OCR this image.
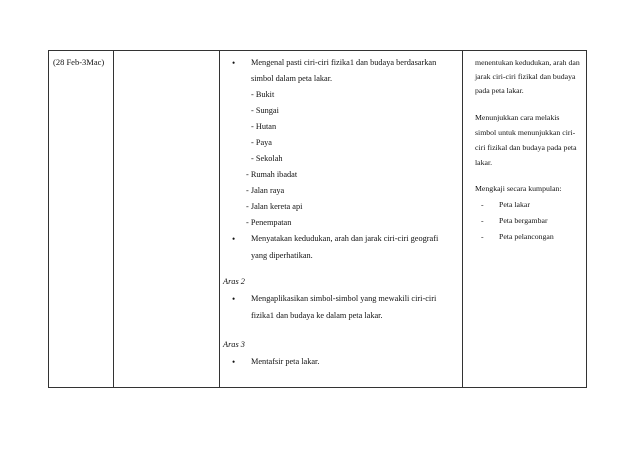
(28 Feb-3Mac)	• Mengenal pasti ciri-ciri fizika1 dan budaya berdasarkan
simbol dalam peta lakar.
- Bukit
- Sungai
- Hutan
- Paya
- Sekolah
- Rumah ibadat
- Jalan raya
- Jalan kereta api
- Penempatan
• Menyatakan kedudukan, arah dan jarak ciri-ciri geografi
yang diperhatikan.
Aras 2
• Mengaplikasikan simbol-simbol yang mewakili ciri-ciri
fizika1 dan budaya ke dalam peta lakar.
Aras 3
• Mentafsir peta lakar.
menentukan kedudukan, arah dan
jarak ciri-ciri fizikal dan budaya
pada peta lakar.
Menunjukkan cara melakis
simbol untuk menunjukkan ciri-
ciri fizikal dan budaya pada peta
lakar.
Mengkaji secara kumpulan:
- Peta lakar
- Peta bergambar
- Peta pelancongan
